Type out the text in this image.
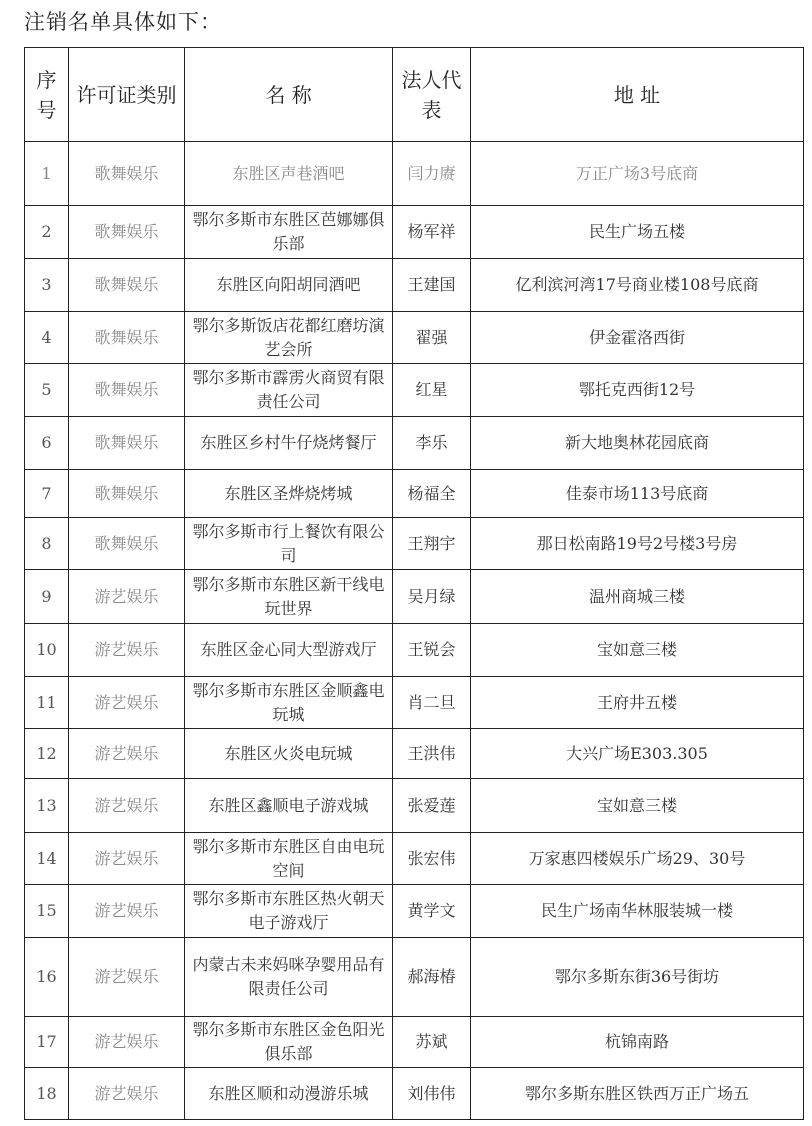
注销名单具体如下：
序号	许可证类别	名 称	法人代表	地 址
1	歌舞娱乐	东胜区声巷酒吧	闫力赓	万正广场3号底商
2	歌舞娱乐	鄂尔多斯市东胜区芭娜娜俱乐部	杨军祥	民生广场五楼
3	歌舞娱乐	东胜区向阳胡同酒吧	王建国	亿利滨河湾17号商业楼108号底商
4	歌舞娱乐	鄂尔多斯饭店花都红磨坊演艺会所	翟强	伊金霍洛西街
5	歌舞娱乐	鄂尔多斯市霹雳火商贸有限责任公司	红星	鄂托克西街12号
6	歌舞娱乐	东胜区乡村牛仔烧烤餐厅	李乐	新大地奥林花园底商
7	歌舞娱乐	东胜区圣烨烧烤城	杨福全	佳泰市场113号底商
8	歌舞娱乐	鄂尔多斯市行上餐饮有限公司	王翔宇	那日松南路19号2号楼3号房
9	游艺娱乐	鄂尔多斯市东胜区新干线电玩世界	吴月绿	温州商城三楼
10	游艺娱乐	东胜区金心同大型游戏厅	王锐会	宝如意三楼
11	游艺娱乐	鄂尔多斯市东胜区金顺鑫电玩城	肖二旦	王府井五楼
12	游艺娱乐	东胜区火炎电玩城	王洪伟	大兴广场E303.305
13	游艺娱乐	东胜区鑫顺电子游戏城	张爱莲	宝如意三楼
14	游艺娱乐	鄂尔多斯市东胜区自由电玩空间	张宏伟	万家惠四楼娱乐广场29、30号
15	游艺娱乐	鄂尔多斯市东胜区热火朝天电子游戏厅	黄学文	民生广场南华林服装城一楼
16	游艺娱乐	内蒙古未来妈咪孕婴用品有限责任公司	郝海椿	鄂尔多斯东街36号街坊
17	游艺娱乐	鄂尔多斯市东胜区金色阳光俱乐部	苏斌	杭锦南路
18	游艺娱乐	东胜区顺和动漫游乐城	刘伟伟	鄂尔多斯东胜区铁西万正广场五
